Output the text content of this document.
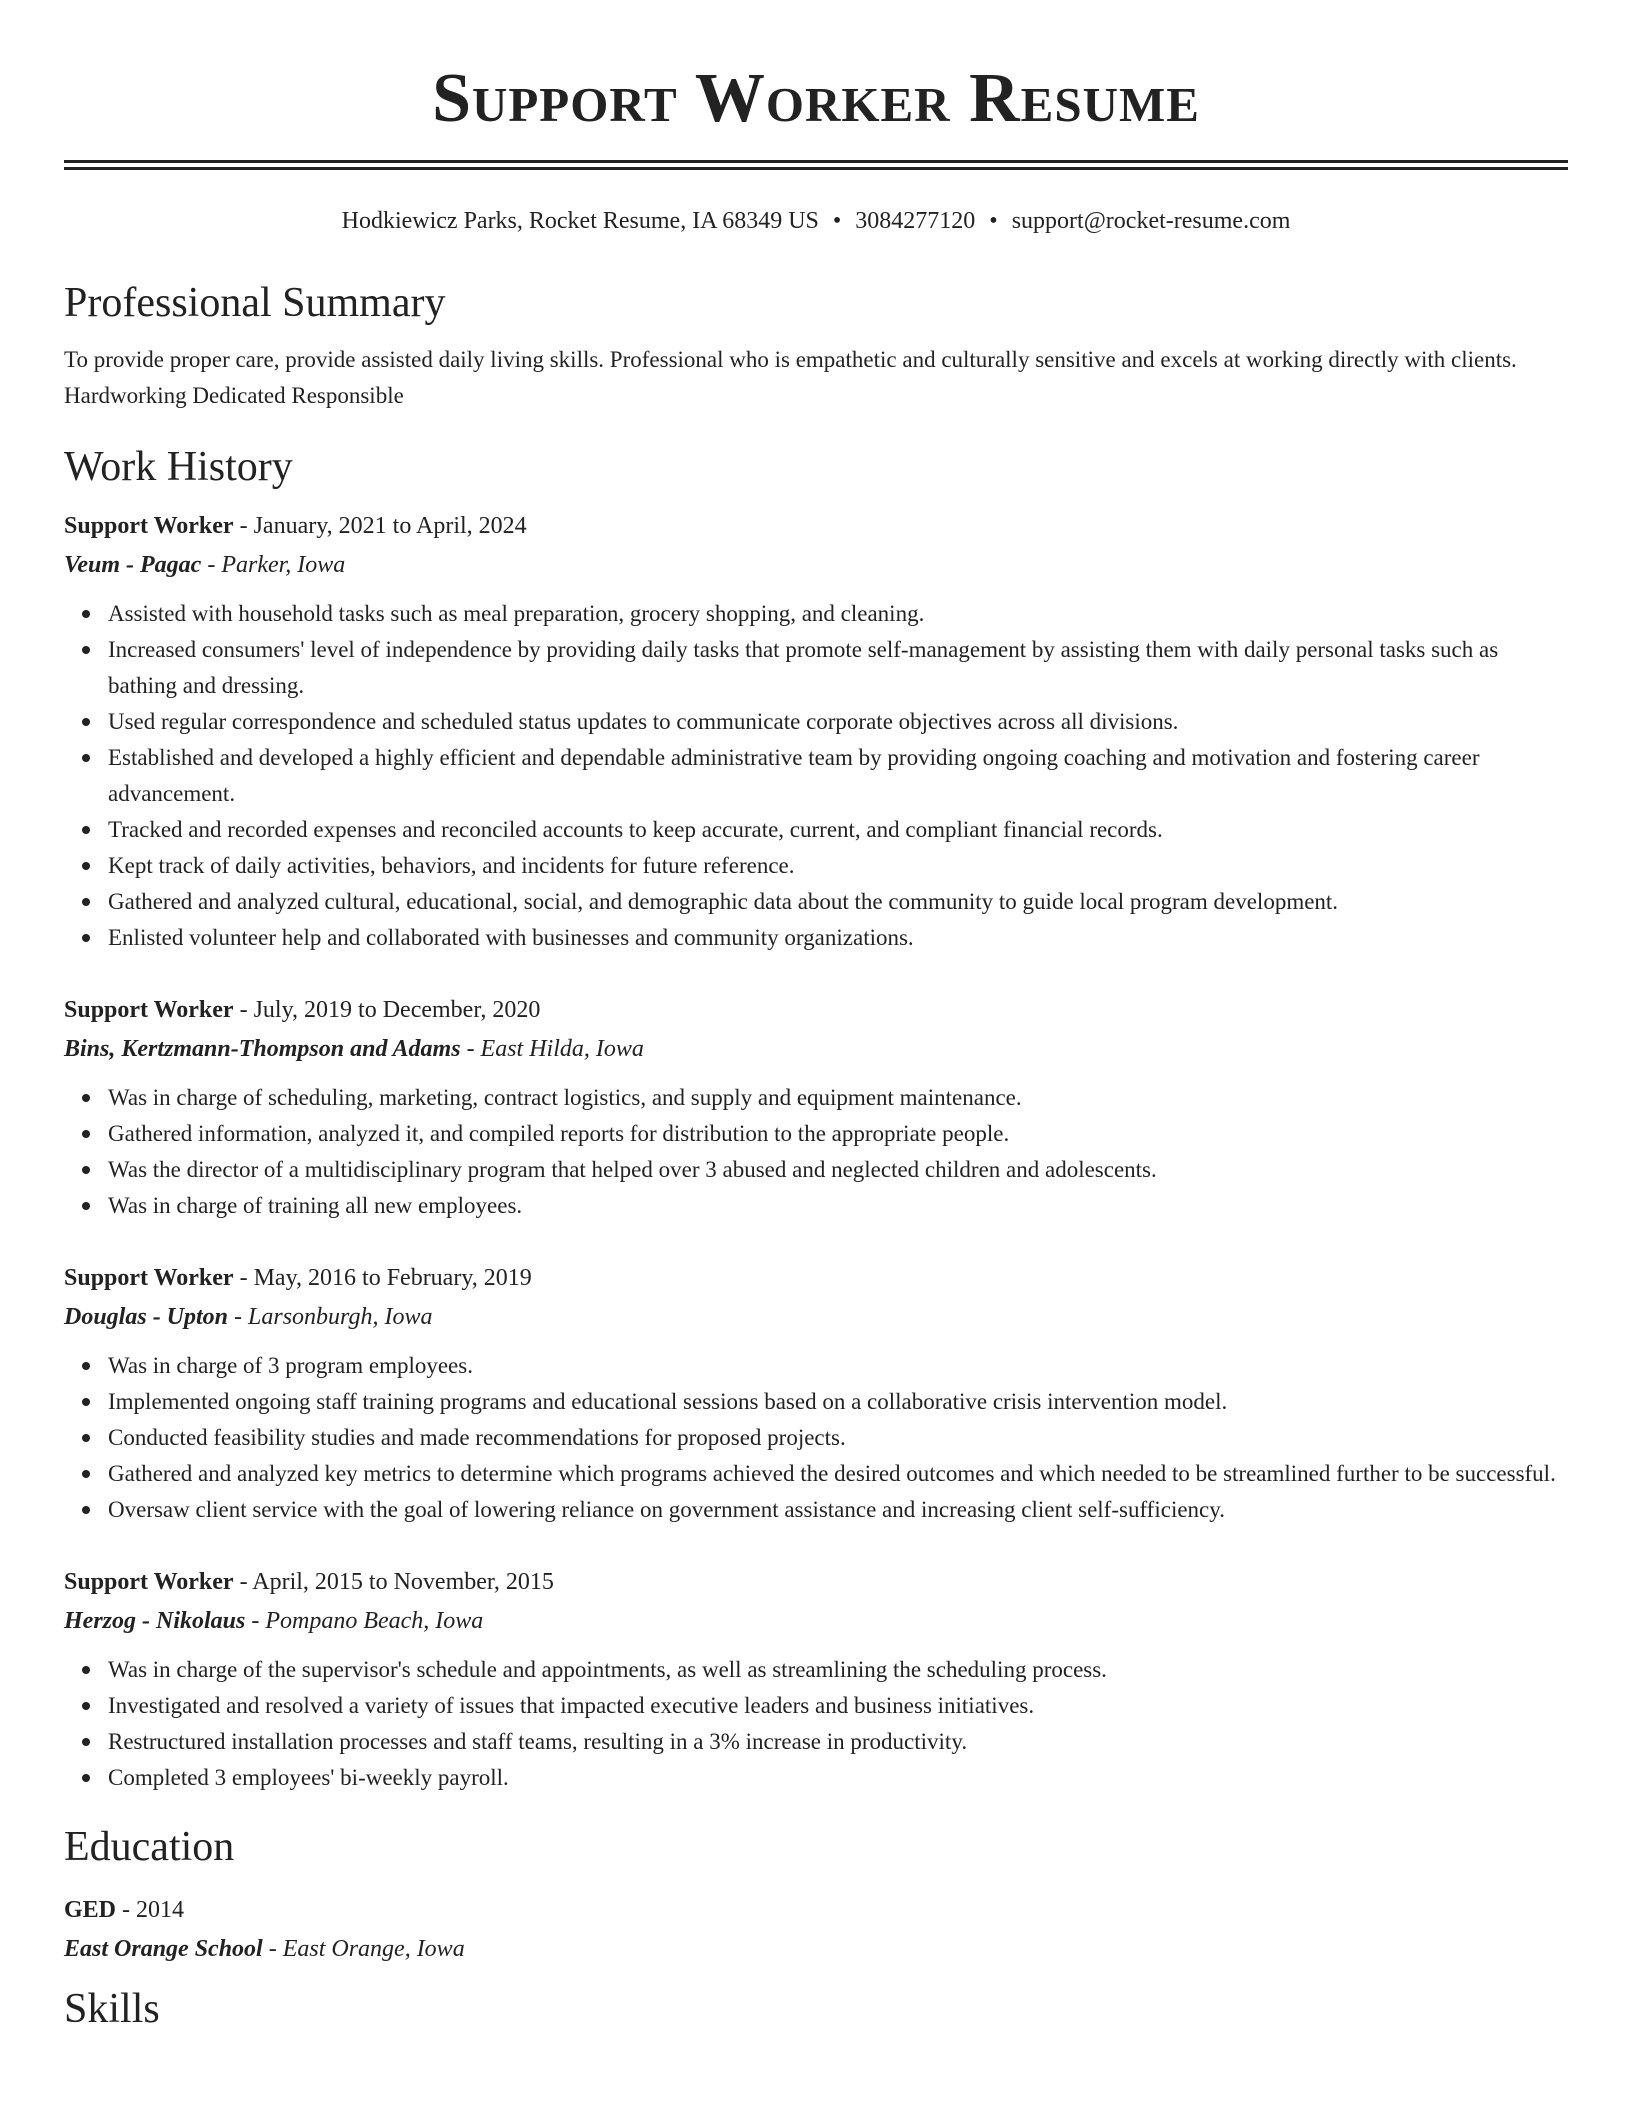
Support Worker Resume
Hodkiewicz Parks, Rocket Resume, IA 68349 US • 3084277120 • support@rocket-resume.com
Professional Summary
To provide proper care, provide assisted daily living skills. Professional who is empathetic and culturally sensitive and excels at working directly with clients. Hardworking Dedicated Responsible
Work History
Support Worker - January, 2021 to April, 2024
Veum - Pagac - Parker, Iowa
Assisted with household tasks such as meal preparation, grocery shopping, and cleaning.
Increased consumers' level of independence by providing daily tasks that promote self-management by assisting them with daily personal tasks such as bathing and dressing.
Used regular correspondence and scheduled status updates to communicate corporate objectives across all divisions.
Established and developed a highly efficient and dependable administrative team by providing ongoing coaching and motivation and fostering career advancement.
Tracked and recorded expenses and reconciled accounts to keep accurate, current, and compliant financial records.
Kept track of daily activities, behaviors, and incidents for future reference.
Gathered and analyzed cultural, educational, social, and demographic data about the community to guide local program development.
Enlisted volunteer help and collaborated with businesses and community organizations.
Support Worker - July, 2019 to December, 2020
Bins, Kertzmann-Thompson and Adams - East Hilda, Iowa
Was in charge of scheduling, marketing, contract logistics, and supply and equipment maintenance.
Gathered information, analyzed it, and compiled reports for distribution to the appropriate people.
Was the director of a multidisciplinary program that helped over 3 abused and neglected children and adolescents.
Was in charge of training all new employees.
Support Worker - May, 2016 to February, 2019
Douglas - Upton - Larsonburgh, Iowa
Was in charge of 3 program employees.
Implemented ongoing staff training programs and educational sessions based on a collaborative crisis intervention model.
Conducted feasibility studies and made recommendations for proposed projects.
Gathered and analyzed key metrics to determine which programs achieved the desired outcomes and which needed to be streamlined further to be successful.
Oversaw client service with the goal of lowering reliance on government assistance and increasing client self-sufficiency.
Support Worker - April, 2015 to November, 2015
Herzog - Nikolaus - Pompano Beach, Iowa
Was in charge of the supervisor's schedule and appointments, as well as streamlining the scheduling process.
Investigated and resolved a variety of issues that impacted executive leaders and business initiatives.
Restructured installation processes and staff teams, resulting in a 3% increase in productivity.
Completed 3 employees' bi-weekly payroll.
Education
GED - 2014
East Orange School - East Orange, Iowa
Skills
